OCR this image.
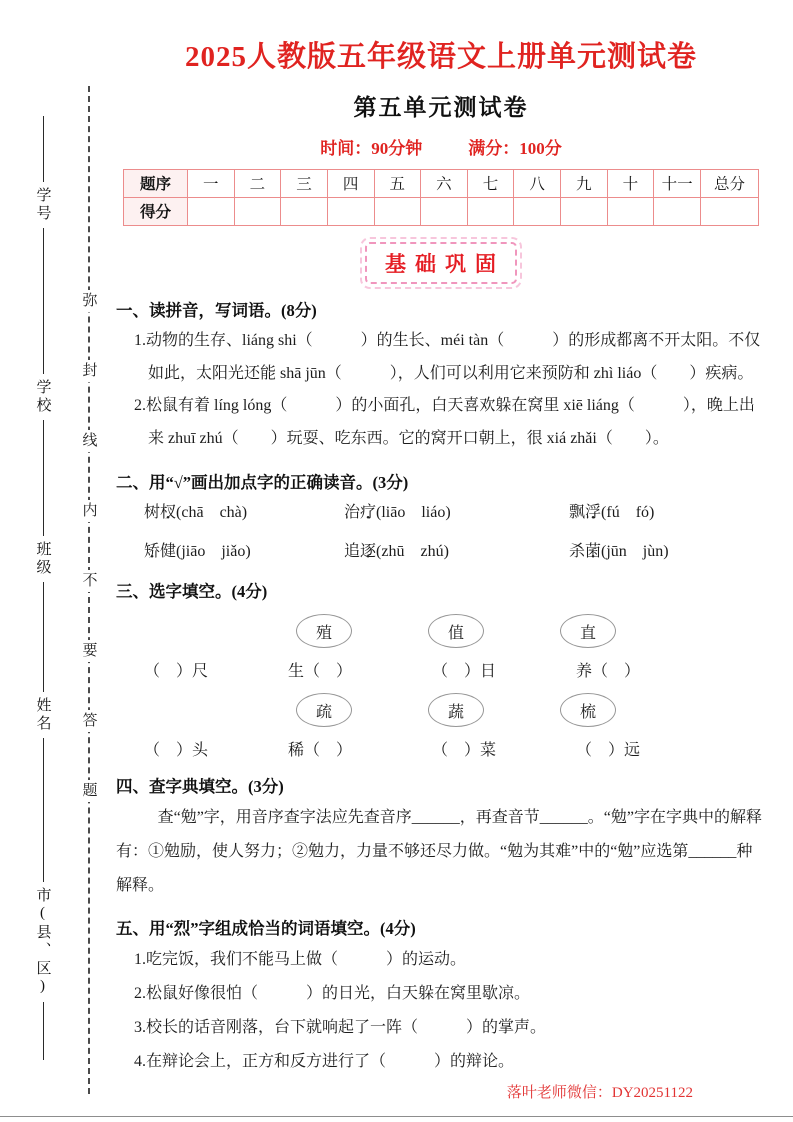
学号
学校
班级
姓名
市(县、区)
弥
封
线
内
不
要
答
题
2025人教版五年级语文上册单元测试卷
第五单元测试卷
时间：90分钟	满分：100分
题序	一	二	三	四	五	六	七	八	九	十	十一	总分
得分												
基础巩固
一、读拼音，写词语。(8分)
1.动物的生存、liáng shi（　　　）的生长、méi tàn（　　　）的形成都离不开太阳。不仅如此，太阳光还能 shā jūn（　　　），人们可以利用它来预防和 zhì liáo（　　）疾病。
2.松鼠有着 líng lóng（　　　）的小面孔，白天喜欢躲在窝里 xiē liáng（　　　），晚上出来 zhuī zhú（　　）玩耍、吃东西。它的窝开口朝上，很 xiá zhǎi（　　）。
二、用“√”画出加点字的正确读音。(3分)
树杈(chā　chà)	治疗(liāo　liáo)	飘浮(fú　fó)
矫健(jiāo　jiǎo)	追逐(zhū　zhú)	杀菌(jūn　jùn)
三、选字填空。(4分)
殖	值	直
（　）尺	生（　）	（　）日	养（　）
疏	蔬	梳
（　）头	稀（　）	（　）菜	（　）远
四、查字典填空。(3分)
查“勉”字，用音序查字法应先查音序______，再查音节______。“勉”字在字典中的解释有：①勉励，使人努力；②勉力，力量不够还尽力做。“勉为其难”中的“勉”应选第______种解释。
五、用“烈”字组成恰当的词语填空。(4分)
1.吃完饭，我们不能马上做（　　　）的运动。
2.松鼠好像很怕（　　　）的日光，白天躲在窝里歇凉。
3.校长的话音刚落，台下就响起了一阵（　　　）的掌声。
4.在辩论会上，正方和反方进行了（　　　）的辩论。
落叶老师微信：DY20251122
